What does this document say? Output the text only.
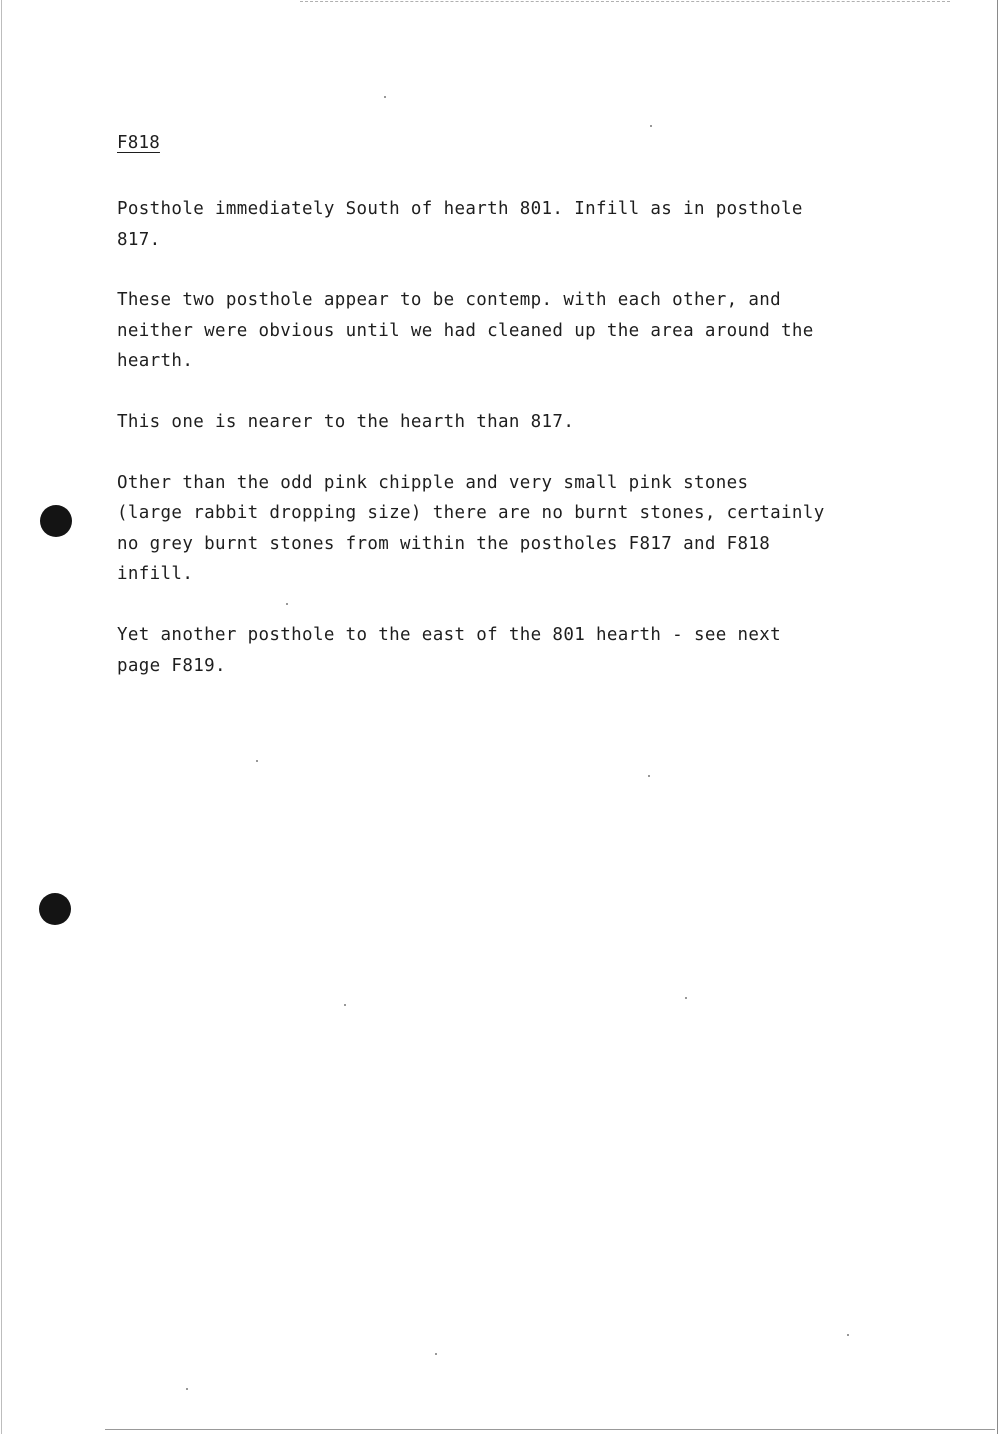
F818

Posthole immediately South of hearth 801. Infill as in posthole
817.

These two posthole appear to be contemp. with each other, and
neither were obvious until we had cleaned up the area around the
hearth.

This one is nearer to the hearth than 817.

Other than the odd pink chipple and very small pink stones
(large rabbit dropping size) there are no burnt stones, certainly
no grey burnt stones from within the postholes F817 and F818
infill.

Yet another posthole to the east of the 801 hearth - see next
page F819.
